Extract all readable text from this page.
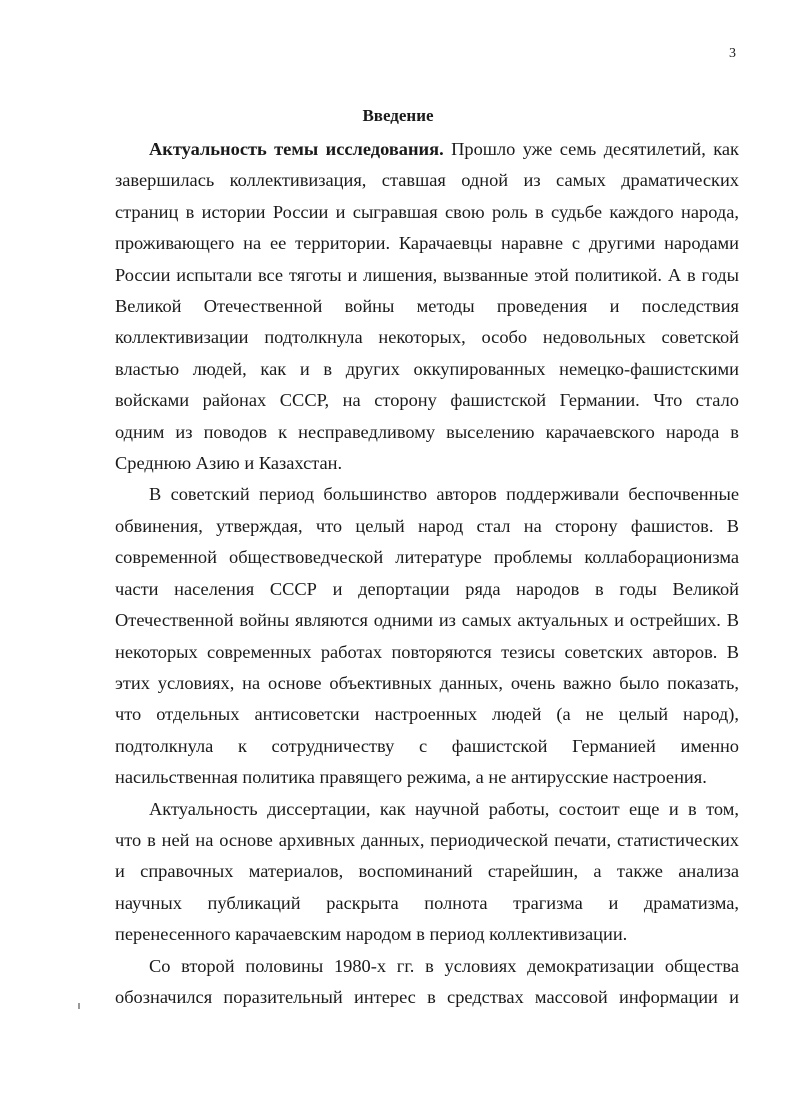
3
Введение
Актуальность темы исследования. Прошло уже семь десятилетий, как
завершилась коллективизация, ставшая одной из самых драматических
страниц в истории России и сыгравшая свою роль в судьбе каждого народа,
проживающего на ее территории. Карачаевцы наравне с другими народами
России испытали все тяготы и лишения, вызванные этой политикой. А в годы
Великой Отечественной войны методы проведения и последствия
коллективизации подтолкнула некоторых, особо недовольных советской
властью людей, как и в других оккупированных немецко-фашистскими
войсками районах СССР, на сторону фашистской Германии. Что стало
одним из поводов к несправедливому выселению карачаевского народа в
Среднюю Азию и Казахстан.
В советский период большинство авторов поддерживали беспочвенные
обвинения, утверждая, что целый народ стал на сторону фашистов. В
современной обществоведческой литературе проблемы коллаборационизма
части населения СССР и депортации ряда народов в годы Великой
Отечественной войны являются одними из самых актуальных и острейших. В
некоторых современных работах повторяются тезисы советских авторов. В
этих условиях, на основе объективных данных, очень важно было показать,
что отдельных антисоветски настроенных людей (а не целый народ),
подтолкнула к сотрудничеству с фашистской Германией именно
насильственная политика правящего режима, а не антирусские настроения.
Актуальность диссертации, как научной работы, состоит еще и в том,
что в ней на основе архивных данных, периодической печати, статистических
и справочных материалов, воспоминаний старейшин, а также анализа
научных публикаций раскрыта полнота трагизма и драматизма,
перенесенного карачаевским народом в период коллективизации.
Со второй половины 1980-х гг. в условиях демократизации общества
обозначился поразительный интерес в средствах массовой информации и
